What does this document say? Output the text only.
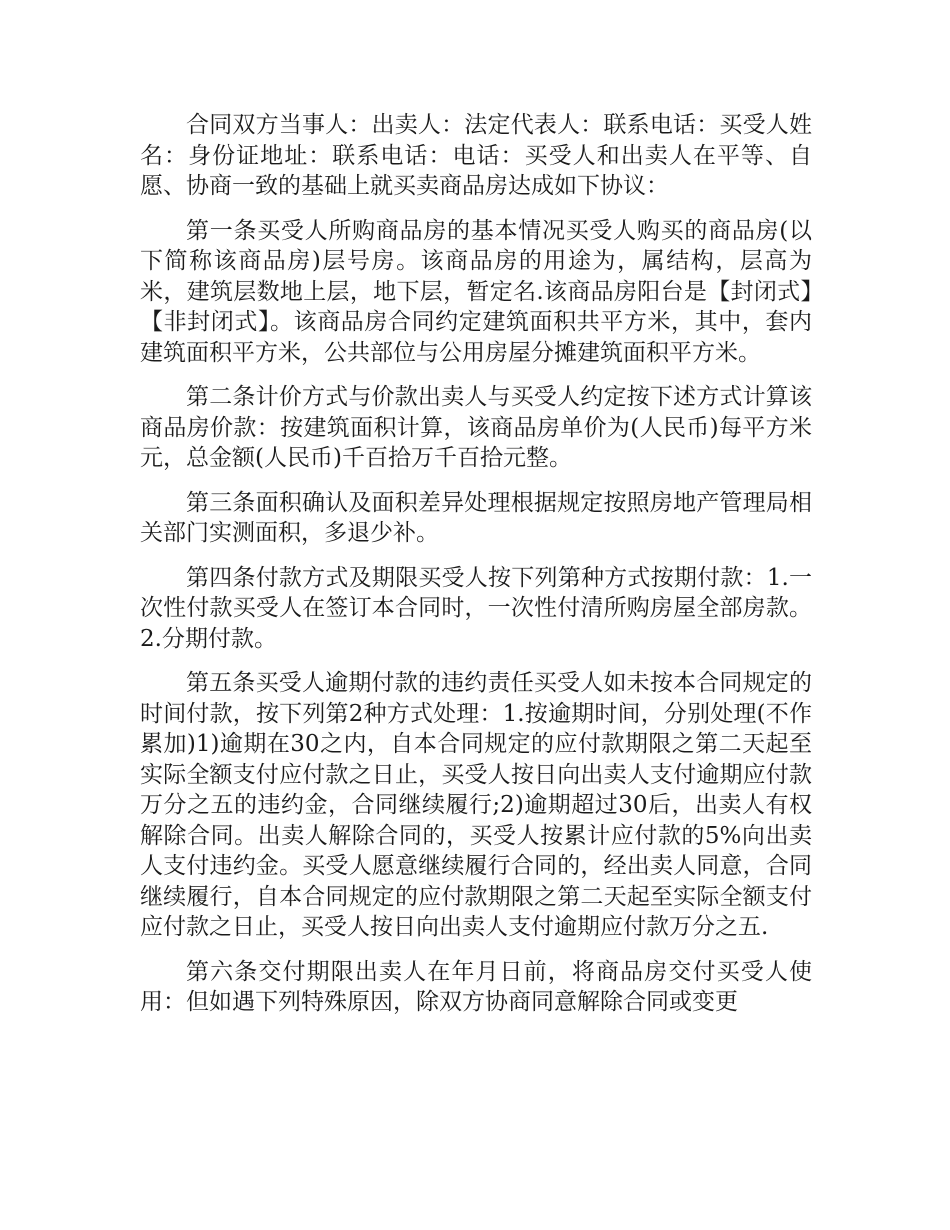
合同双方当事人：出卖人：法定代表人：联系电话：买受人姓名：身份证地址：联系电话：电话：买受人和出卖人在平等、自愿、协商一致的基础上就买卖商品房达成如下协议：

第一条买受人所购商品房的基本情况买受人购买的商品房(以下简称该商品房)层号房。该商品房的用途为，属结构，层高为米，建筑层数地上层，地下层，暂定名.该商品房阳台是【封闭式】【非封闭式】。该商品房合同约定建筑面积共平方米，其中，套内建筑面积平方米，公共部位与公用房屋分摊建筑面积平方米。

第二条计价方式与价款出卖人与买受人约定按下述方式计算该商品房价款：按建筑面积计算，该商品房单价为(人民币)每平方米元，总金额(人民币)千百拾万千百拾元整。

第三条面积确认及面积差异处理根据规定按照房地产管理局相关部门实测面积，多退少补。

第四条付款方式及期限买受人按下列第种方式按期付款：1.一次性付款买受人在签订本合同时，一次性付清所购房屋全部房款。2.分期付款。

第五条买受人逾期付款的违约责任买受人如未按本合同规定的时间付款，按下列第2种方式处理：1.按逾期时间，分别处理(不作累加)1)逾期在30之内，自本合同规定的应付款期限之第二天起至实际全额支付应付款之日止，买受人按日向出卖人支付逾期应付款万分之五的违约金，合同继续履行;2)逾期超过30后，出卖人有权解除合同。出卖人解除合同的，买受人按累计应付款的5%向出卖人支付违约金。买受人愿意继续履行合同的，经出卖人同意，合同继续履行，自本合同规定的应付款期限之第二天起至实际全额支付应付款之日止，买受人按日向出卖人支付逾期应付款万分之五.

第六条交付期限出卖人在年月日前，将商品房交付买受人使用：但如遇下列特殊原因，除双方协商同意解除合同或变更
